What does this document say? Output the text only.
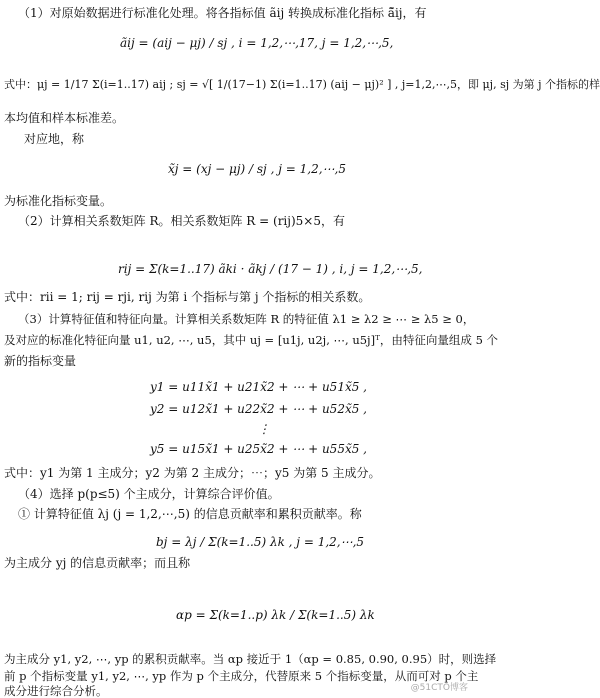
（1）对原始数据进行标准化处理。将各指标值 ãij 转换成标准化指标 ã̃ij，有
ãij = (aij − μj) / sj , i = 1,2,⋯,17, j = 1,2,⋯,5,
式中：μj = 1/17 Σ(i=1..17) aij ; sj = √[ 1/(17−1) Σ(i=1..17) (aij − μj)² ] , j=1,2,⋯,5，即 μj, sj 为第 j 个指标的样
本均值和样本标准差。
对应地，称
x̃j = (xj − μj) / sj , j = 1,2,⋯,5
为标准化指标变量。
（2）计算相关系数矩阵 R。相关系数矩阵 R = (rij)5×5，有
rij = Σ(k=1..17) ãki · ãkj / (17 − 1) , i, j = 1,2,⋯,5,
式中：rii = 1; rij = rji, rij 为第 i 个指标与第 j 个指标的相关系数。
（3）计算特征值和特征向量。计算相关系数矩阵 R 的特征值 λ1 ≥ λ2 ≥ ⋯ ≥ λ5 ≥ 0，
及对应的标准化特征向量 u1, u2, ⋯, u5，其中 uj = [u1j, u2j, ⋯, u5j]ᵀ，由特征向量组成 5 个
新的指标变量
y1 = u11x̃1 + u21x̃2 + ⋯ + u51x̃5 ,
y2 = u12x̃1 + u22x̃2 + ⋯ + u52x̃5 ,
⋮
y5 = u15x̃1 + u25x̃2 + ⋯ + u55x̃5 ,
式中：y1 为第 1 主成分；y2 为第 2 主成分；⋯；y5 为第 5 主成分。
（4）选择 p(p≤5) 个主成分，计算综合评价值。
① 计算特征值 λj (j = 1,2,⋯,5) 的信息贡献率和累积贡献率。称
bj = λj / Σ(k=1..5) λk , j = 1,2,⋯,5
为主成分 yj 的信息贡献率；而且称
αp = Σ(k=1..p) λk / Σ(k=1..5) λk
为主成分 y1, y2, ⋯, yp 的累积贡献率。当 αp 接近于 1（αp = 0.85, 0.90, 0.95）时，则选择
前 p 个指标变量 y1, y2, ⋯, yp 作为 p 个主成分，代替原来 5 个指标变量，从而可对 p 个主
成分进行综合分析。	@51CTO博客
